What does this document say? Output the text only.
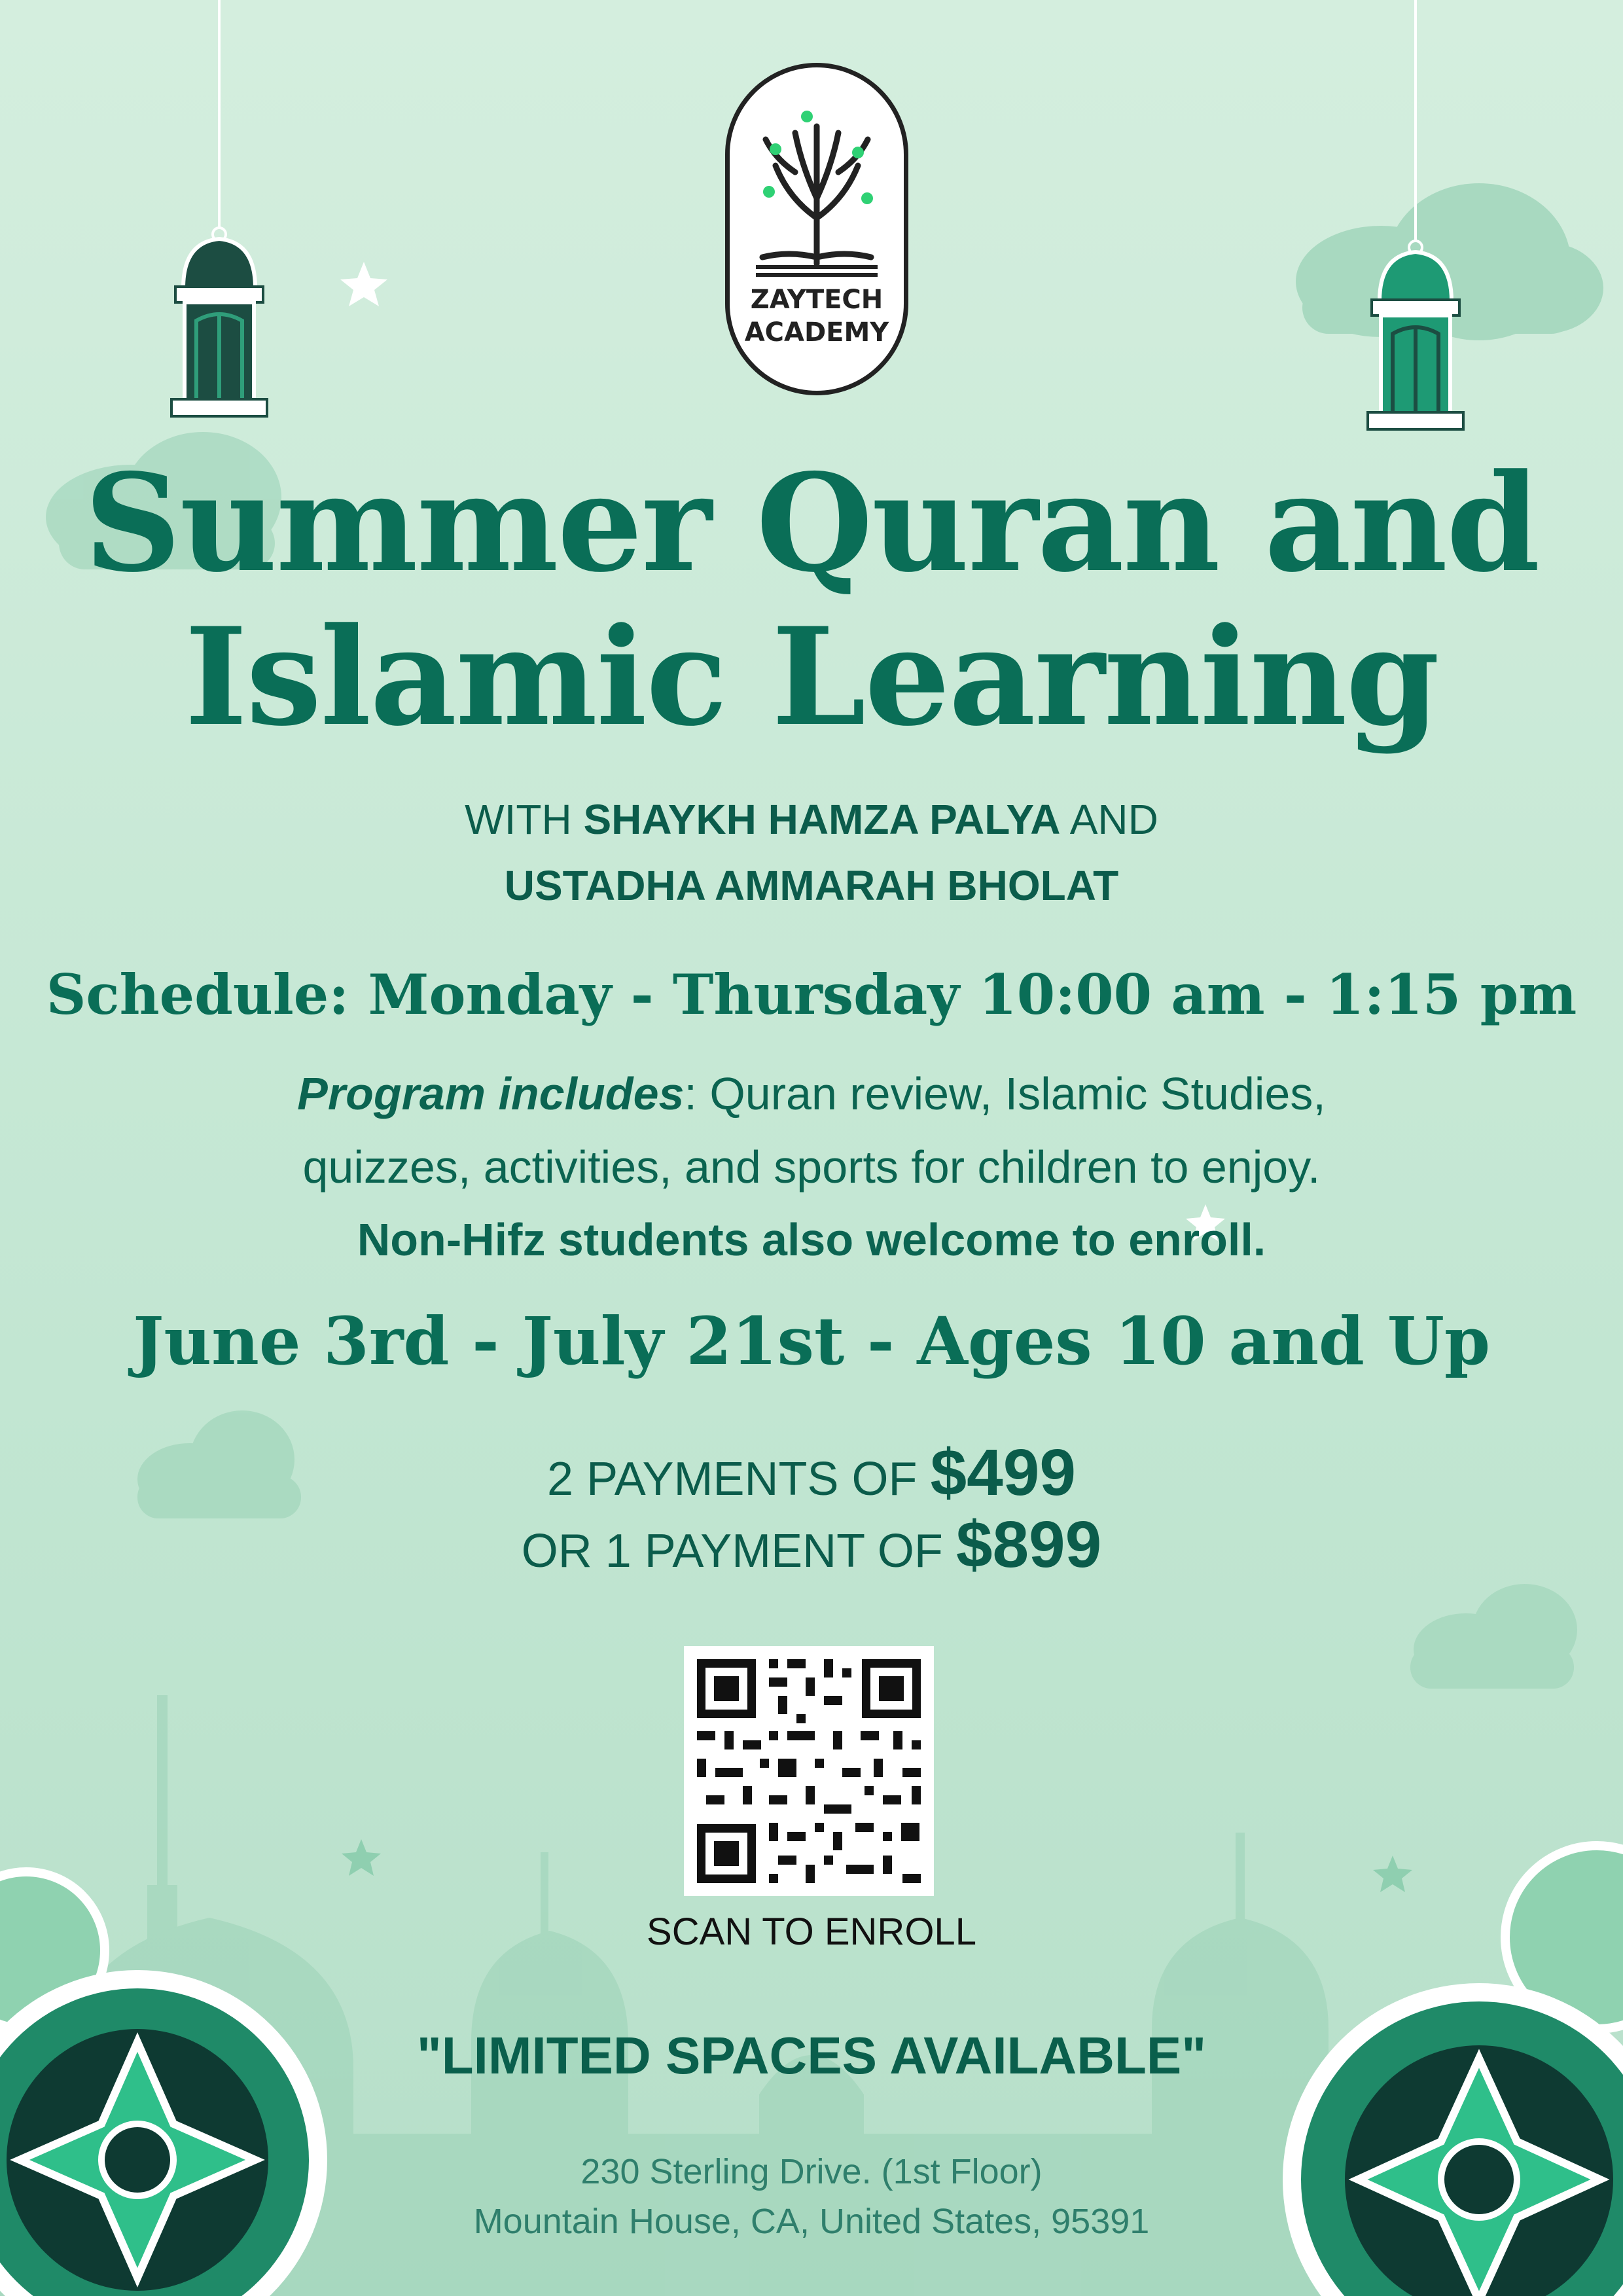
ZAYTECH
ACADEMY
Summer Quran and
Islamic Learning
WITH SHAYKH HAMZA PALYA AND
USTADHA AMMARAH BHOLAT
Schedule: Monday - Thursday 10:00 am - 1:15 pm
Program includes: Quran review, Islamic Studies,
quizzes, activities, and sports for children to enjoy.
Non-Hifz students also welcome to enroll.
June 3rd - July 21st - Ages 10 and Up
2 PAYMENTS OF $499
OR 1 PAYMENT OF $899
SCAN TO ENROLL
"LIMITED SPACES AVAILABLE"
230 Sterling Drive. (1st Floor)
Mountain House, CA, United States, 95391
